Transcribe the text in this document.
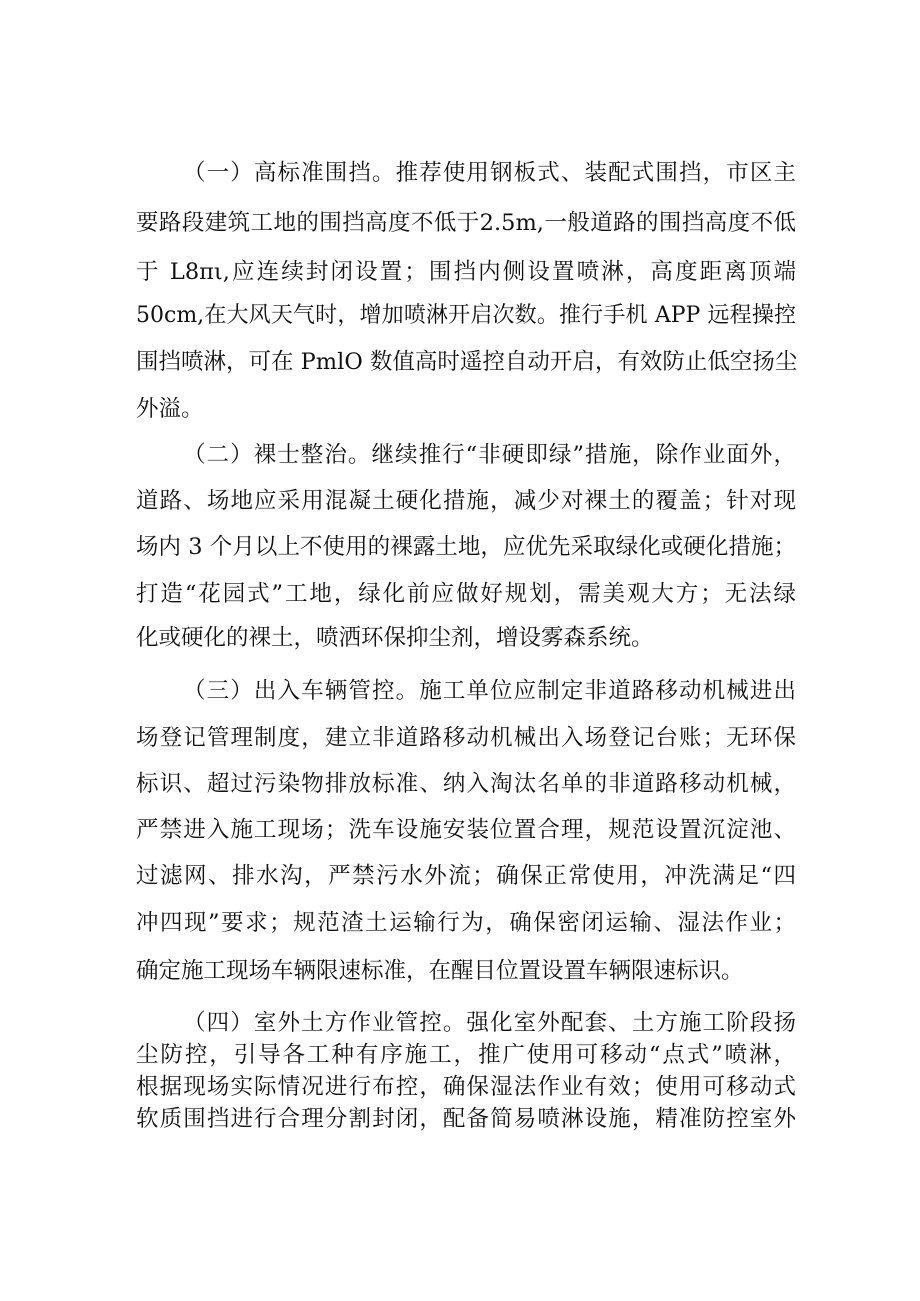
（一）高标准围挡。推荐使用钢板式、装配式围挡，市区主
要路段建筑工地的围挡高度不低于2.5m,一般道路的围挡高度不低
于 L8πι,应连续封闭设置；围挡内侧设置喷淋，高度距离顶端
50cm,在大风天气时，增加喷淋开启次数。推行手机 APP 远程操控
围挡喷淋，可在 PmlO 数值高时遥控自动开启，有效防止低空扬尘
外溢。
（二）裸士整治。继续推行“非硬即绿”措施，除作业面外，
道路、场地应采用混凝土硬化措施，减少对裸土的覆盖；针对现
场内 3 个月以上不使用的裸露土地，应优先采取绿化或硬化措施；
打造“花园式”工地，绿化前应做好规划，需美观大方；无法绿
化或硬化的裸土，喷洒环保抑尘剂，增设雾森系统。
（三）出入车辆管控。施工单位应制定非道路移动机械进出
场登记管理制度，建立非道路移动机械出入场登记台账；无环保
标识、超过污染物排放标准、纳入淘汰名单的非道路移动机械，
严禁进入施工现场；洗车设施安装位置合理，规范设置沉淀池、
过滤网、排水沟，严禁污水外流；确保正常使用，冲洗满足“四
冲四现”要求；规范渣土运输行为，确保密闭运输、湿法作业；
确定施工现场车辆限速标准，在醒目位置设置车辆限速标识。
（四）室外土方作业管控。强化室外配套、土方施工阶段扬
尘防控，引导各工种有序施工，推广使用可移动“点式”喷淋，
根据现场实际情况进行布控，确保湿法作业有效；使用可移动式
软质围挡进行合理分割封闭，配备简易喷淋设施，精准防控室外
